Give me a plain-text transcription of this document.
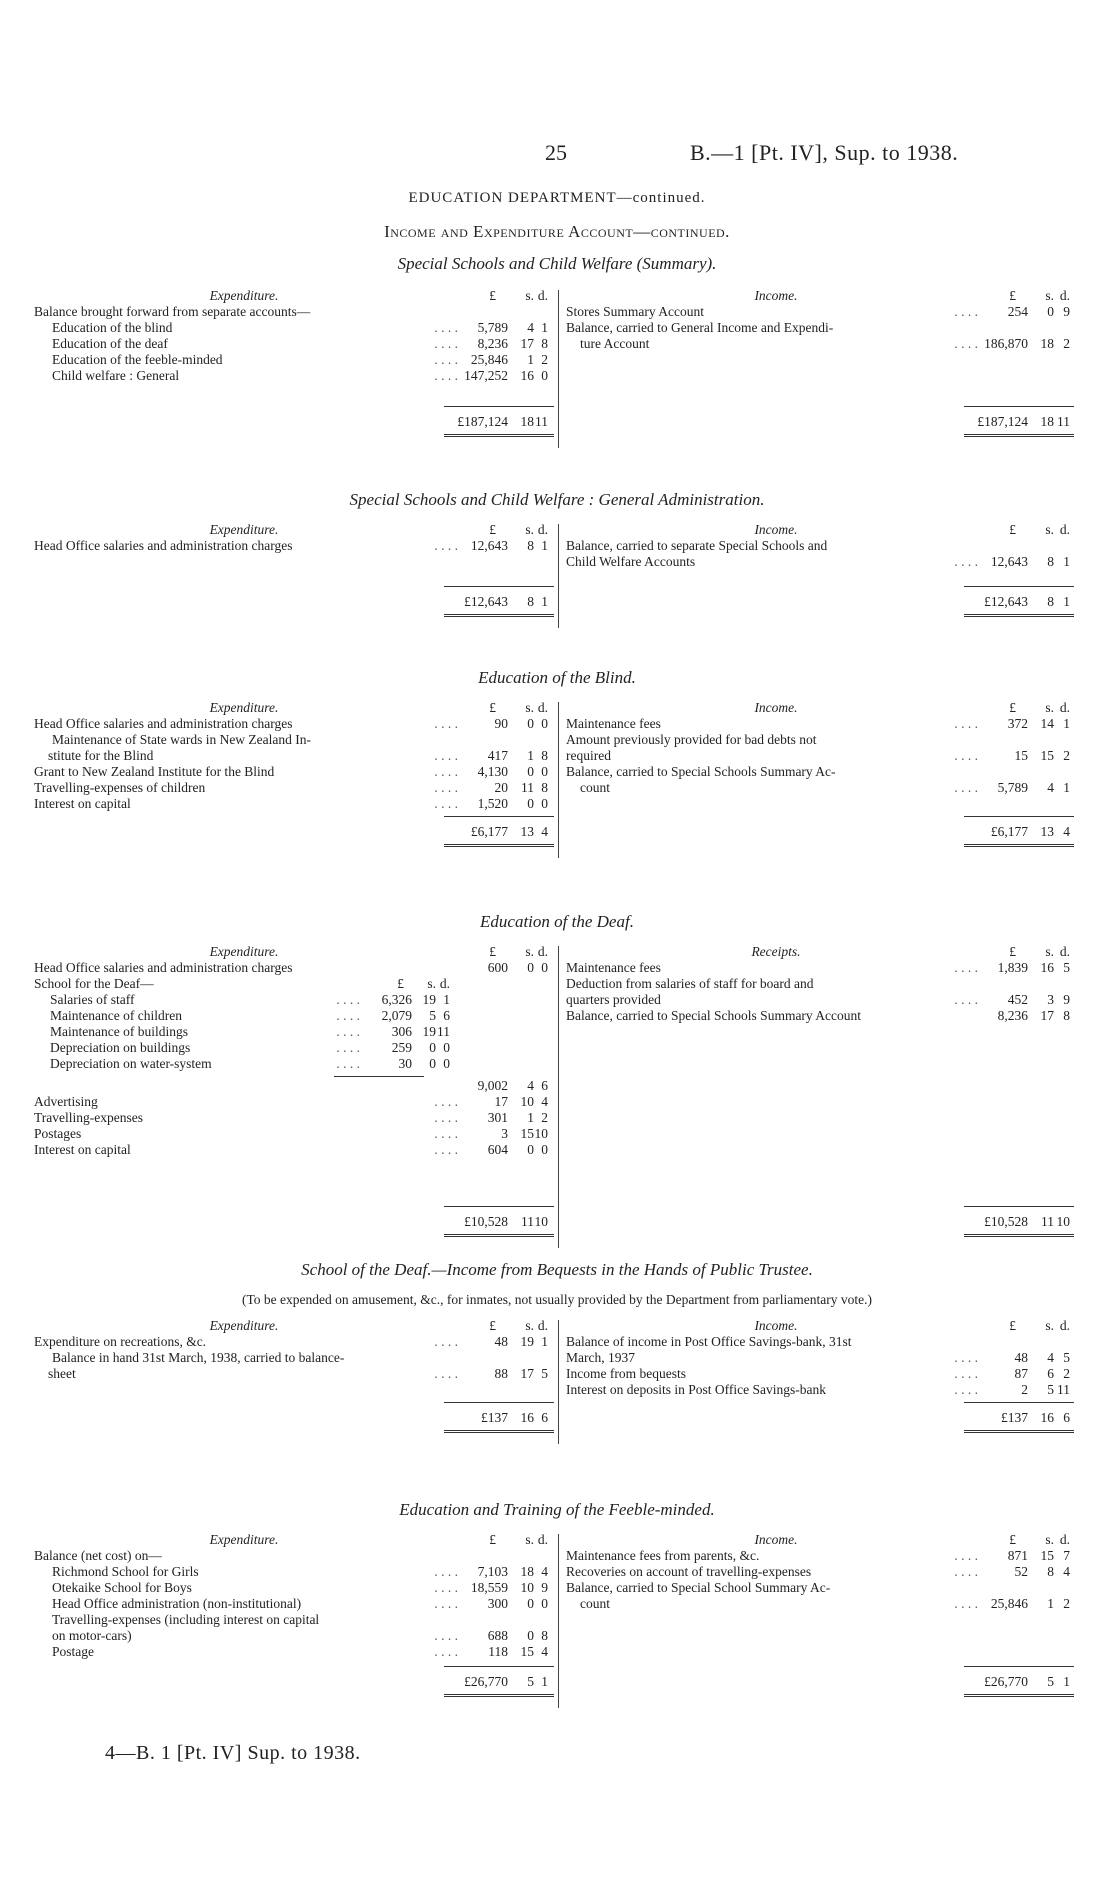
25	B.—1 [Pt. IV], Sup. to 1938.
EDUCATION DEPARTMENT—continued.
Income and Expenditure Account—continued.
Special Schools and Child Welfare (Summary).
Expenditure.	£ s. d.
Balance brought forward from separate accounts—
Education of the blind	. . . . 5,789 4 1
Education of the deaf	. . . . 8,236 17 8
Education of the feeble-minded	. . . . 25,846 1 2
Child welfare : General	. . . . 147,252 16 0
£187,124 18 11
Income.	£ s. d.
Stores Summary Account	. . . . 254 0 9
Balance, carried to General Income and Expendi-
ture Account	. . . . 186,870 18 2
£187,124 18 11
Special Schools and Child Welfare : General Administration.
Expenditure.	£ s. d.
Head Office salaries and administration charges	. . . . 12,643 8 1
£12,643 8 1
Income.	£ s. d.
Balance, carried to separate Special Schools and
Child Welfare Accounts	. . . . 12,643 8 1
£12,643 8 1
Education of the Blind.
Expenditure.	£ s. d.
Head Office salaries and administration charges	. . . .	90 0 0
Maintenance of State wards in New Zealand In-
stitute for the Blind	. . . . 417 1 8
Grant to New Zealand Institute for the Blind	. . . . 4,130 0 0
Travelling-expenses of children	. . . .	20 11 8
Interest on capital	. . . . 1,520 0 0
£6,177 13 4
Income.	£ s. d.
Maintenance fees	. . . . 372 14 1
Amount previously provided for bad debts not
required	. . . .	15 15 2
Balance, carried to Special Schools Summary Ac-
count	. . . . 5,789 4 1
£6,177 13 4
Education of the Deaf.
Expenditure.	£ s. d.
Head Office salaries and administration charges	600 0 0
School for the Deaf—	£ s. d.
Salaries of staff	. . . . 6,326 19 1
Maintenance of children	. . . . 2,079 5 6
Maintenance of buildings	. . . . 306 19 11
Depreciation on buildings	. . . . 259 0 0
Depreciation on water-system	. . . .	30 0 0
9,002 4 6
Advertising	. . . .	17 10 4
Travelling-expenses	. . . . 301 1 2
Postages	. . . .	3 15 10
Interest on capital	. . . . 604 0 0
£10,528 11 10
Receipts.	£ s. d.
Maintenance fees	. . . . 1,839 16 5
Deduction from salaries of staff for board and
quarters provided	. . . . 452 3 9
Balance, carried to Special Schools Summary Account	8,236 17 8
£10,528 11 10
School of the Deaf.—Income from Bequests in the Hands of Public Trustee.
(To be expended on amusement, &c., for inmates, not usually provided by the Department from parliamentary vote.)
Expenditure.	£ s. d.
Expenditure on recreations, &c.	. . . .	48 19 1
Balance in hand 31st March, 1938, carried to balance-
sheet	. . . .	88 17 5
£137 16 6
Income.	£ s. d.
Balance of income in Post Office Savings-bank, 31st
March, 1937	. . . .	48 4 5
Income from bequests	. . . .	87 6 2
Interest on deposits in Post Office Savings-bank	. . . .	2 5 11
£137 16 6
Education and Training of the Feeble-minded.
Expenditure.	£ s. d.
Balance (net cost) on—
Richmond School for Girls	. . . . 7,103 18 4
Otekaike School for Boys	. . . . 18,559 10 9
Head Office administration (non-institutional)	. . . . 300 0 0
Travelling-expenses (including interest on capital
on motor-cars)	. . . . 688 0 8
Postage	. . . . 118 15 4
£26,770 5 1
Income.	£ s. d.
Maintenance fees from parents, &c.	. . . . 871 15 7
Recoveries on account of travelling-expenses	. . . .	52 8 4
Balance, carried to Special School Summary Ac-
count	. . . . 25,846 1 2
£26,770 5 1
4—B. 1 [Pt. IV] Sup. to 1938.
